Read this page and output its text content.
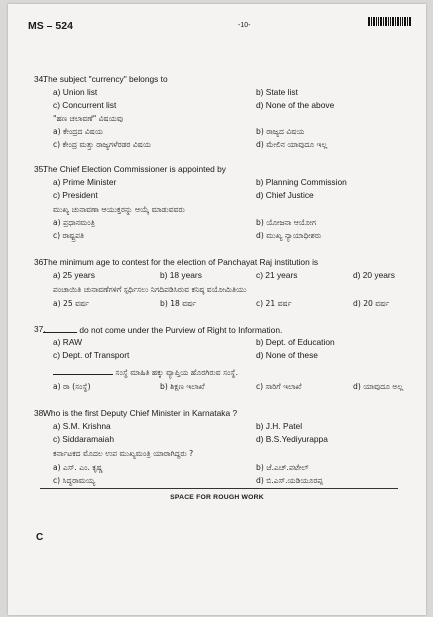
MS – 524	-10-
34.
The subject "currency" belongs to
a) Union list	b) State list
c) Concurrent list	d) None of the above
"ಹಣ ಚಲಾವಣೆ" ವಿಷಯವು
a) ಕೇಂದ್ರದ ವಿಷಯ	b) ರಾಜ್ಯದ ವಿಷಯ
c) ಕೇಂದ್ರ ಮತ್ತು ರಾಜ್ಯಗಳೆರಡರ ವಿಷಯ	d) ಮೇಲಿನ ಯಾವುದೂ ಇಲ್ಲ
35.
The Chief Election Commissioner is appointed by
a) Prime Minister	b) Planning Commission
c) President	d) Chief Justice
ಮುಖ್ಯ ಚುನಾವಣಾ ಆಯುಕ್ತರನ್ನು ಆಯ್ಕೆ ಮಾಡುವವರು
a) ಪ್ರಧಾನಮಂತ್ರಿ	b) ಯೋಜನಾ ಆಯೋಗ
c) ರಾಷ್ಟ್ರಪತಿ	d) ಮುಖ್ಯ ನ್ಯಾಯಾಧೀಶರು
36.
The minimum age to contest for the election of Panchayat Raj institution is
a) 25 years	b) 18 years	c) 21 years	d) 20 years
ಪಂಚಾಯಿತಿ ಚುನಾವಣೆಗಳಿಗೆ ಸ್ಪರ್ಧಿಸಲು ನಿಗದಿಪಡಿಸಿರುವ ಕನಿಷ್ಠ ವಯೋಮಿತಿಯು
a) 25 ವರ್ಷ	b) 18 ವರ್ಷ	c) 21 ವರ್ಷ	d) 20 ವರ್ಷ
37.	do not come under the Purview of Right to Information.
a) RAW	b) Dept. of Education
c) Dept. of Transport	d) None of these
ಸಂಸ್ಥೆ ಮಾಹಿತಿ ಹಕ್ಕು ವ್ಯಾಪ್ತಿಯ ಹೊರಗಿರುವ ಸಂಸ್ಥೆ.
a) ರಾ (ಸಂಸ್ಥೆ)	b) ಶಿಕ್ಷಣ ಇಲಾಖೆ	c) ಸಾರಿಗೆ ಇಲಾಖೆ	d) ಯಾವುದೂ ಅಲ್ಲ
38.
Who is the first Deputy Chief Minister in Karnataka ?
a) S.M. Krishna	b) J.H. Patel
c) Siddaramaiah	d) B.S.Yediyurappa
ಕರ್ನಾಟಕದ ಮೊದಲ ಉಪ ಮುಖ್ಯಮಂತ್ರಿ ಯಾರಾಗಿದ್ದರು ?
a) ಎಸ್. ಎಂ. ಕೃಷ್ಣ	b) ಜೆ.ಎಚ್.ಪಟೇಲ್
c) ಸಿದ್ಧರಾಮಯ್ಯ	d) ಬಿ.ಎಸ್.ಯಡಿಯೂರಪ್ಪ
SPACE FOR ROUGH WORK
C
